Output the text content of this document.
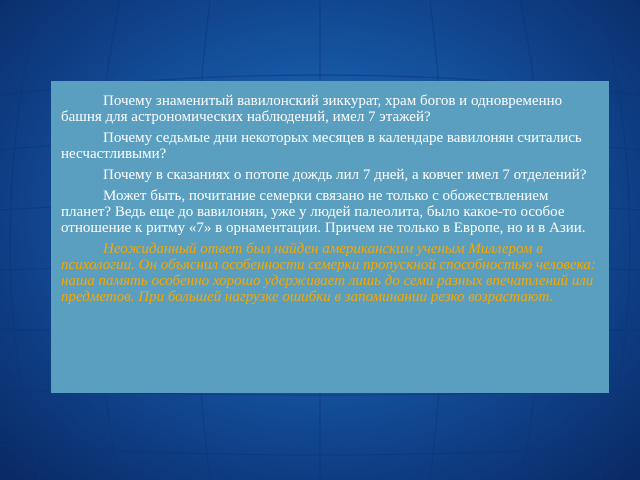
Почему знаменитый вавилонский зиккурат, храм богов и одновременно башня для астрономических наблюдений, имел 7 этажей?

Почему седьмые дни некоторых месяцев в календаре вавилонян считались несчастливыми?

Почему в сказаниях о потопе дождь лил 7 дней, а ковчег имел 7 отделений?

Может быть, почитание семерки связано не только с обожествлением планет? Ведь еще до вавилонян, уже у людей палеолита, было какое-то особое отношение к ритму «7» в орнаментации. Причем не только в Европе, но и в Азии.

Неожиданный ответ был найден американским ученым Миллером в психологии. Он объяснил особенности семерки пропускной способностью человека: наша память особенно хорошо удерживает лишь до семи разных впечатлений или предметов. При большей нагрузке ошибки в запоминании резко возрастают.
